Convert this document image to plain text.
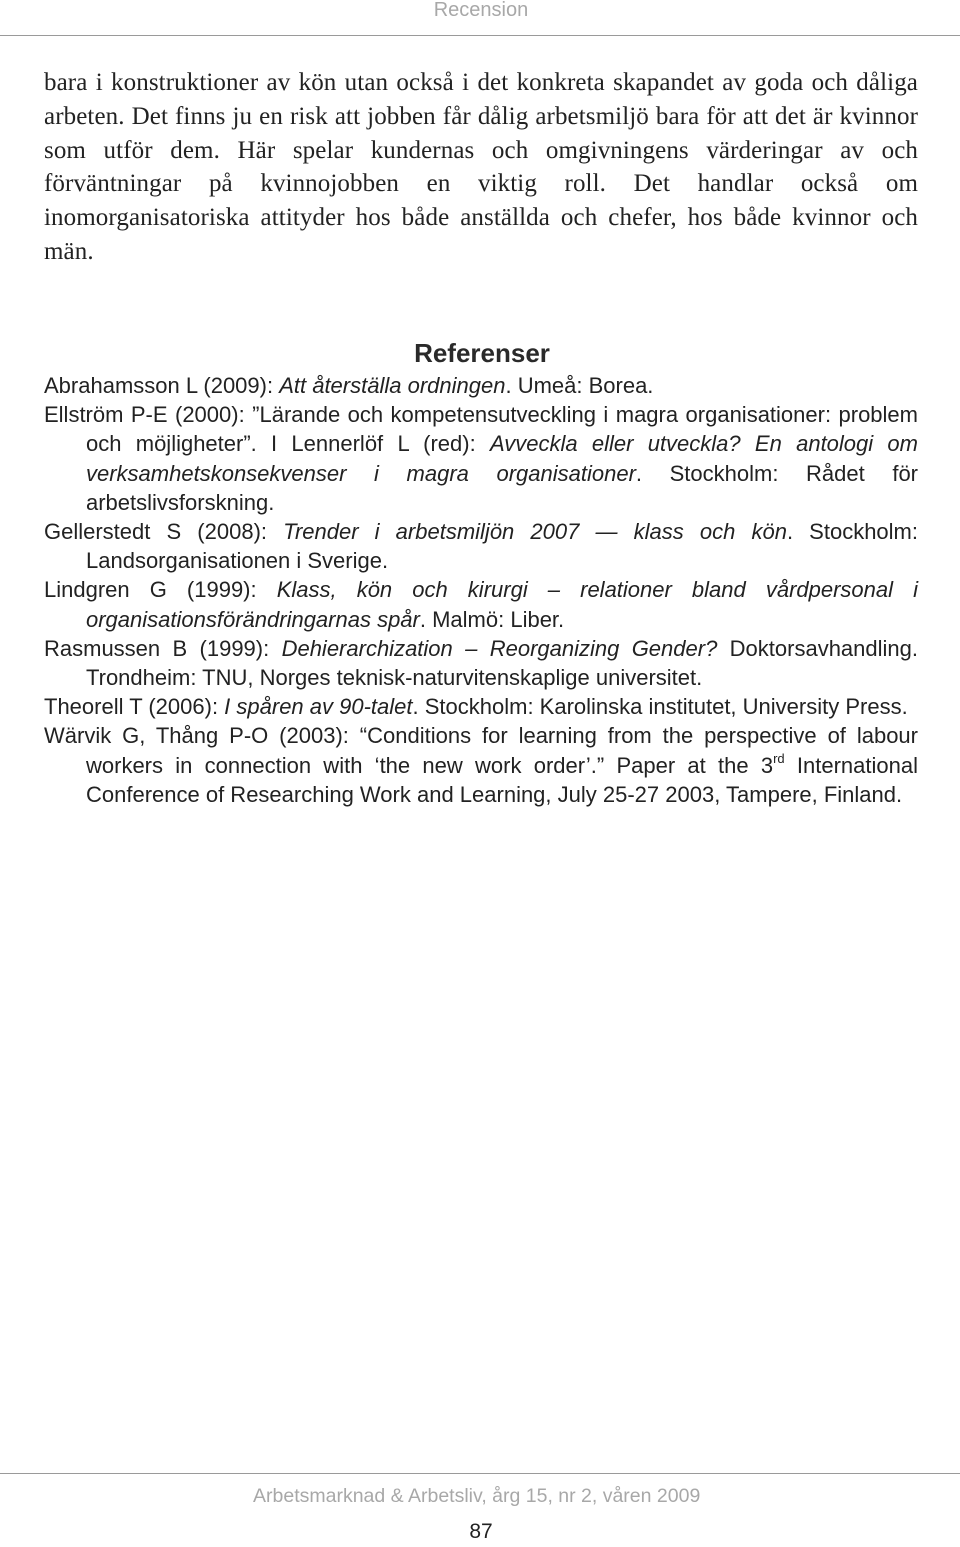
Recension

bara i konstruktioner av kön utan också i det konkreta skapandet av goda och dåliga arbeten. Det finns ju en risk att jobben får dålig arbetsmiljö bara för att det är kvinnor som utför dem. Här spelar kundernas och omgivningens värderingar av och förväntningar på kvinnojobben en viktig roll. Det handlar också om inomorganisatoriska attityder hos både anställda och chefer, hos både kvinnor och män.

Referenser

Abrahamsson L (2009): Att återställa ordningen. Umeå: Borea.

Ellström P-E (2000): ”Lärande och kompetensutveckling i magra organisationer: problem och möjligheter”. I Lennerlöf L (red): Avveckla eller utveckla? En antologi om verksamhetskonsekvenser i magra organisationer. Stockholm: Rådet för arbetslivsforskning.

Gellerstedt S (2008): Trender i arbetsmiljön 2007 — klass och kön. Stockholm: Landsorganisationen i Sverige.

Lindgren G (1999): Klass, kön och kirurgi – relationer bland vårdpersonal i organisationsförändringarnas spår. Malmö: Liber.

Rasmussen B (1999): Dehierarchization – Reorganizing Gender? Doktorsavhandling. Trondheim: TNU, Norges teknisk-naturvitenskaplige universitet.

Theorell T (2006): I spåren av 90-talet. Stockholm: Karolinska institutet, University Press.

Wärvik G, Thång P-O (2003): “Conditions for learning from the perspective of labour workers in connection with ‘the new work order’.” Paper at the 3rd International Conference of Researching Work and Learning, July 25-27 2003, Tampere, Finland.

Arbetsmarknad & Arbetsliv, årg 15, nr 2, våren 2009
87
